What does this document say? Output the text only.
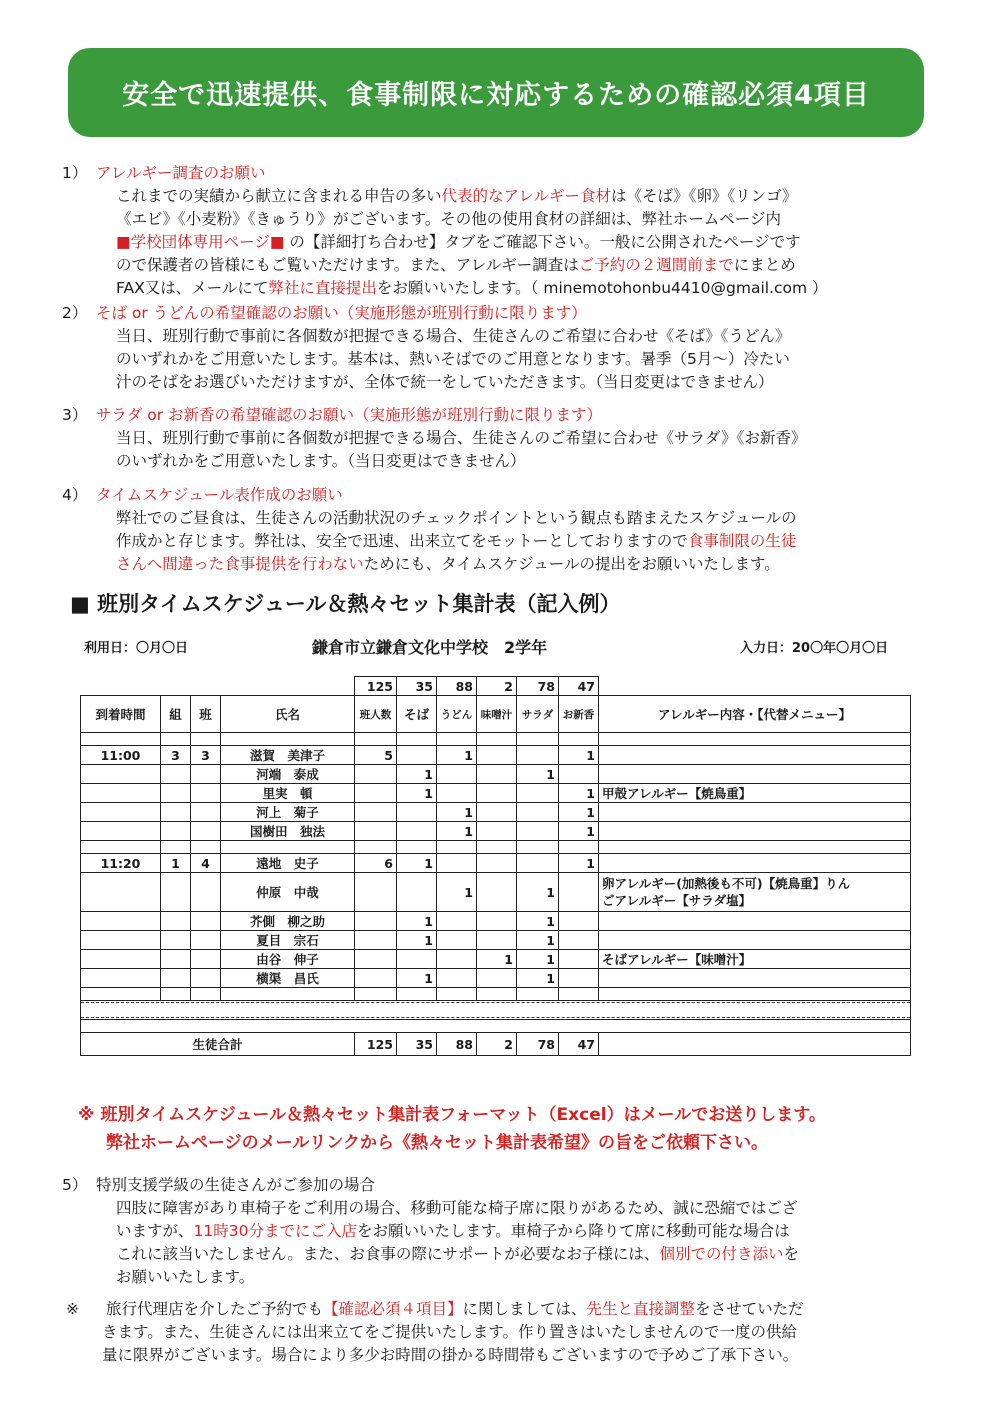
安全で迅速提供、食事制限に対応するための確認必須4項目
1） アレルギー調査のお願い
これまでの実績から献立に含まれる申告の多い代表的なアレルギー食材は《そば》《卵》《リンゴ》
《エビ》《小麦粉》《きゅうり》がございます。その他の使用食材の詳細は、弊社ホームページ内
■学校団体専用ページ■ の【詳細打ち合わせ】タブをご確認下さい。一般に公開されたページです
ので保護者の皆様にもご覧いただけます。また、アレルギー調査はご予約の２週間前までにまとめ
FAX又は、メールにて弊社に直接提出をお願いいたします。（ minemotohonbu4410@gmail.com ）
2） そば or うどんの希望確認のお願い（実施形態が班別行動に限ります）
当日、班別行動で事前に各個数が把握できる場合、生徒さんのご希望に合わせ《そば》《うどん》
のいずれかをご用意いたします。基本は、熱いそばでのご用意となります。暑季（5月〜）冷たい
汁のそばをお選びいただけますが、全体で統一をしていただきます。（当日変更はできません）
3） サラダ or お新香の希望確認のお願い（実施形態が班別行動に限ります）
当日、班別行動で事前に各個数が把握できる場合、生徒さんのご希望に合わせ《サラダ》《お新香》
のいずれかをご用意いたします。（当日変更はできません）
4） タイムスケジュール表作成のお願い
弊社でのご昼食は、生徒さんの活動状況のチェックポイントという観点も踏まえたスケジュールの
作成かと存じます。弊社は、安全で迅速、出来立てをモットーとしておりますので食事制限の生徒
さんへ間違った食事提供を行わないためにも、タイムスケジュールの提出をお願いいたします。
■ 班別タイムスケジュール＆熱々セット集計表（記入例）
利用日：〇月〇日	鎌倉市立鎌倉文化中学校　2学年	入力日：20〇年〇月〇日
				125	35	88	2	78	47	
到着時間	組	班	氏名	班人数	そば	うどん	味噌汁	サラダ	お新香	アレルギー内容・【代替メニュー】

11:00	3	3	滋賀　美津子	5		1			1	
			河端　泰成		1			1		
			里実　頓		1				1	甲殻アレルギー【焼鳥重】
			河上　菊子			1			1	
			国樹田　独法			1			1	

11:20	1	4	遠地　史子	6	1				1	
			仲原　中哉			1		1		卵アレルギー(加熱後も不可)【焼鳥重】りん
ごアレルギー【サラダ塩】

			芥側　柳之助		1			1		
			夏目　宗石		1			1		
			由谷　伸子				1	1		そばアレルギー【味噌汁】
			横渠　昌氏		1			1		

生徒合計				125	35	88	2	78	47	
※ 班別タイムスケジュール＆熱々セット集計表フォーマット（Excel）はメールでお送りします。
弊社ホームページのメールリンクから《熱々セット集計表希望》の旨をご依頼下さい。
5） 特別支援学級の生徒さんがご参加の場合
四肢に障害があり車椅子をご利用の場合、移動可能な椅子席に限りがあるため、誠に恐縮ではござ
いますが、11時30分までにご入店をお願いいたします。車椅子から降りて席に移動可能な場合は
これに該当いたしません。また、お食事の際にサポートが必要なお子様には、個別での付き添いを
お願いいたします。
※ 旅行代理店を介したご予約でも【確認必須４項目】に関しましては、先生と直接調整をさせていただ
きます。また、生徒さんには出来立てをご提供いたします。作り置きはいたしませんので一度の供給
量に限界がございます。場合により多少お時間の掛かる時間帯もございますので予めご了承下さい。
